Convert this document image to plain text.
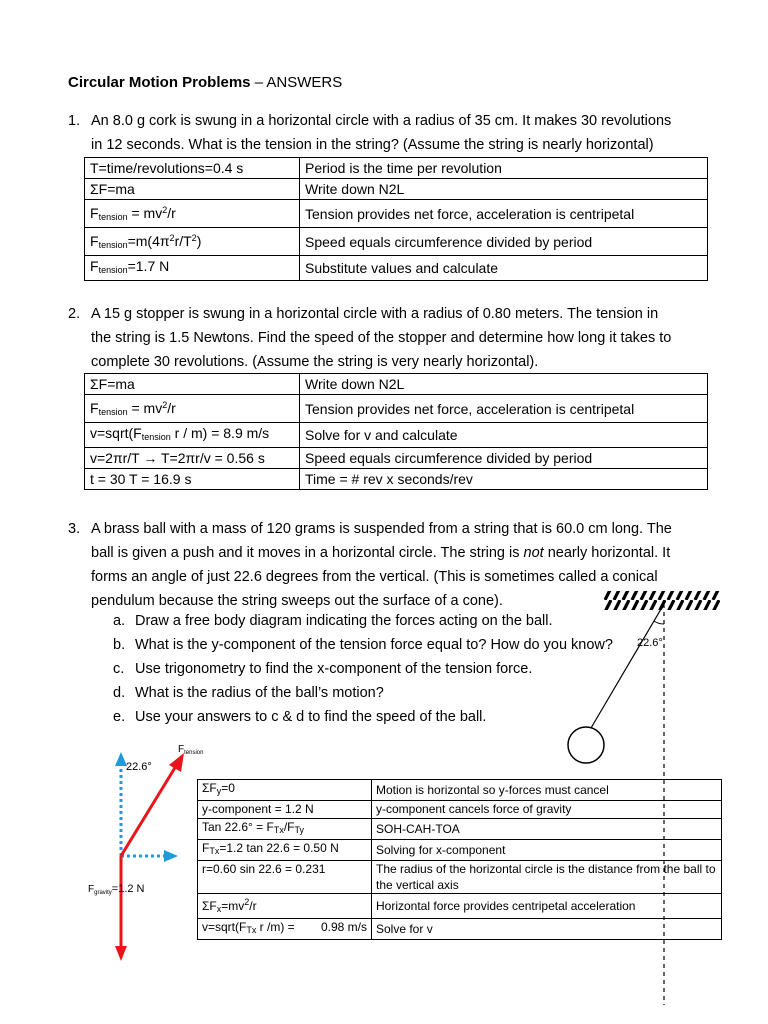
Circular Motion Problems – ANSWERS
1. An 8.0 g cork is swung in a horizontal circle with a radius of 35 cm. It makes 30 revolutions
in 12 seconds. What is the tension in the string? (Assume the string is nearly horizontal)
T=time/revolutions=0.4 s	Period is the time per revolution
ΣF=ma	Write down N2L
$F_{tension} = mv^2/r$	Tension provides net force, acceleration is centripetal
$F_{tension}=m(4\pi^2r/T^2)$	Speed equals circumference divided by period
$F_{tension}=1.7$ N	Substitute values and calculate
2. A 15 g stopper is swung in a horizontal circle with a radius of 0.80 meters. The tension in
the string is 1.5 Newtons. Find the speed of the stopper and determine how long it takes to
complete 30 revolutions. (Assume the string is very nearly horizontal).
ΣF=ma	Write down N2L
$F_{tension} = mv^2/r$	Tension provides net force, acceleration is centripetal
$v=sqrt(F_{tension}$ r / m) = 8.9 m/s	Solve for v and calculate
v=2πr/T → T=2πr/v = 0.56 s	Speed equals circumference divided by period
t = 30 T = 16.9 s	Time = # rev x seconds/rev
3. A brass ball with a mass of 120 grams is suspended from a string that is 60.0 cm long. The
ball is given a push and it moves in a horizontal circle. The string is not nearly horizontal. It
forms an angle of just 22.6 degrees from the vertical. (This is sometimes called a conical
pendulum because the string sweeps out the surface of a cone).
a. Draw a free body diagram indicating the forces acting on the ball.
b. What is the y-component of the tension force equal to? How do you know?
c. Use trigonometry to find the x-component of the tension force.
d. What is the radius of the ball’s motion?
e. Use your answers to c & d to find the speed of the ball.
22.6°
22.6°
$F_{tension}$
$F_{gravity}=1.2$ N
$\Sigma F_y=0$	Motion is horizontal so y-forces must cancel
y-component = 1.2 N	y-component cancels force of gravity
Tan $22.6^\circ = F_{Tx}/F_{Ty}$	SOH-CAH-TOA
$F_{Tx}=1.2$ tan 22.6 = 0.50 N	Solving for x-component
r=0.60 sin 22.6 = 0.231	The radius of the horizontal circle is the distance from the ball to the vertical axis
$\Sigma F_x=mv^2/r$	Horizontal force provides centripetal acceleration
$v=sqrt(F_{Tx}$ r /m) = 0.98 m/s	Solve for v
